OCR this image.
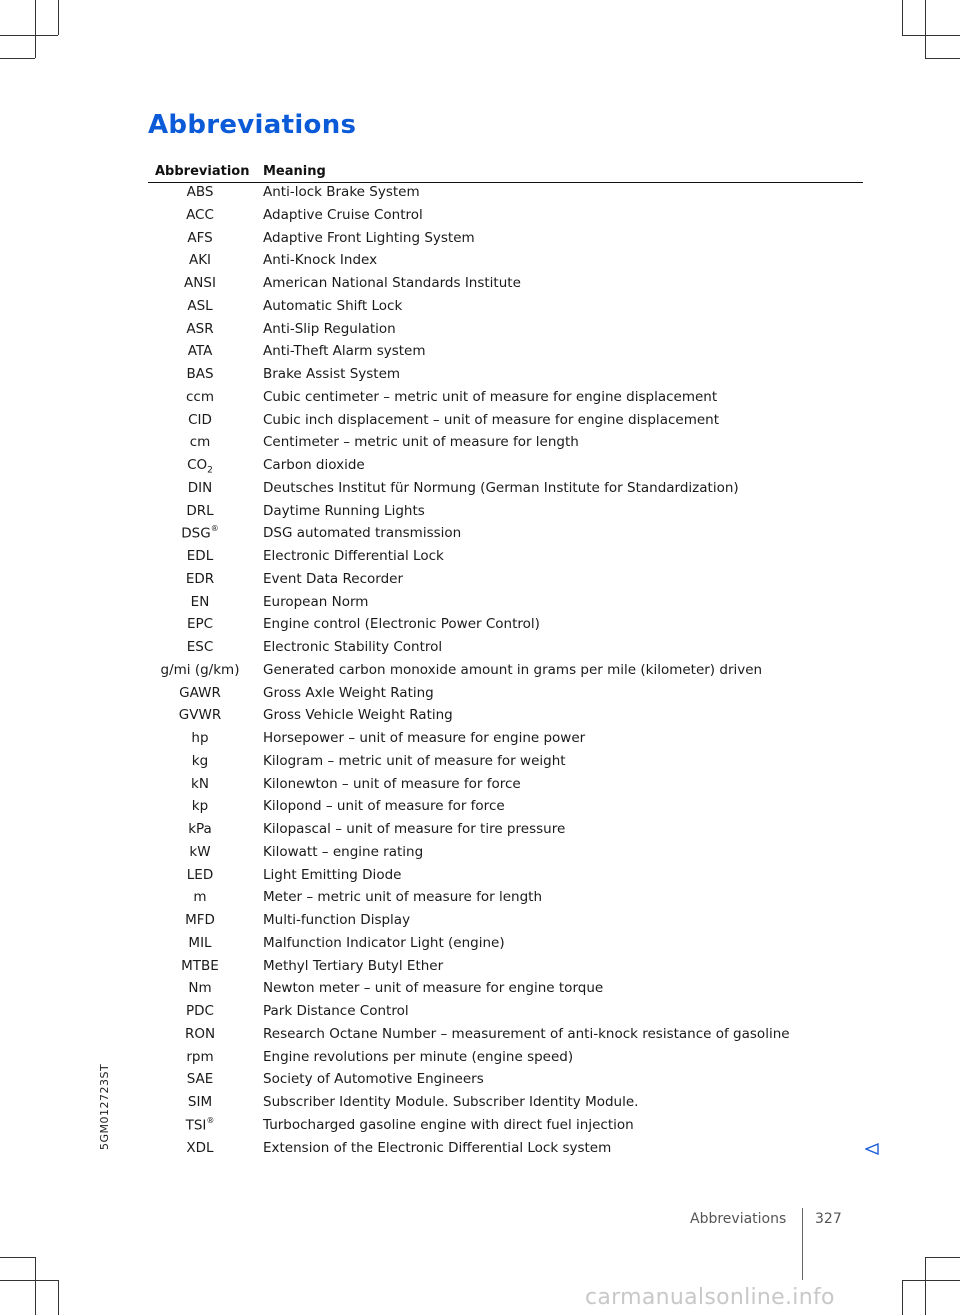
Abbreviations
Abbreviation Meaning
ABS	Anti-lock Brake System
ACC	Adaptive Cruise Control
AFS	Adaptive Front Lighting System
AKI	Anti-Knock Index
ANSI	American National Standards Institute
ASL	Automatic Shift Lock
ASR	Anti-Slip Regulation
ATA	Anti-Theft Alarm system
BAS	Brake Assist System
ccm	Cubic centimeter – metric unit of measure for engine displacement
CID	Cubic inch displacement – unit of measure for engine displacement
cm	Centimeter – metric unit of measure for length
$CO_2$	Carbon dioxide
DIN	Deutsches Institut für Normung (German Institute for Standardization)
DRL	Daytime Running Lights
DSG®	DSG automated transmission
EDL	Electronic Differential Lock
EDR	Event Data Recorder
EN	European Norm
EPC	Engine control (Electronic Power Control)
ESC	Electronic Stability Control
g/mi (g/km)	Generated carbon monoxide amount in grams per mile (kilometer) driven
GAWR	Gross Axle Weight Rating
GVWR	Gross Vehicle Weight Rating
hp	Horsepower – unit of measure for engine power
kg	Kilogram – metric unit of measure for weight
kN	Kilonewton – unit of measure for force
kp	Kilopond – unit of measure for force
kPa	Kilopascal – unit of measure for tire pressure
kW	Kilowatt – engine rating
LED	Light Emitting Diode
m	Meter – metric unit of measure for length
MFD	Multi-function Display
MIL	Malfunction Indicator Light (engine)
MTBE	Methyl Tertiary Butyl Ether
Nm	Newton meter – unit of measure for engine torque
PDC	Park Distance Control
RON	Research Octane Number – measurement of anti-knock resistance of gasoline
rpm	Engine revolutions per minute (engine speed)
SAE	Society of Automotive Engineers
SIM	Subscriber Identity Module. Subscriber Identity Module.
TSI®	Turbocharged gasoline engine with direct fuel injection
XDL	Extension of the Electronic Differential Lock system
5GM012723ST
Abbreviations 327
carmanualsonline.info
